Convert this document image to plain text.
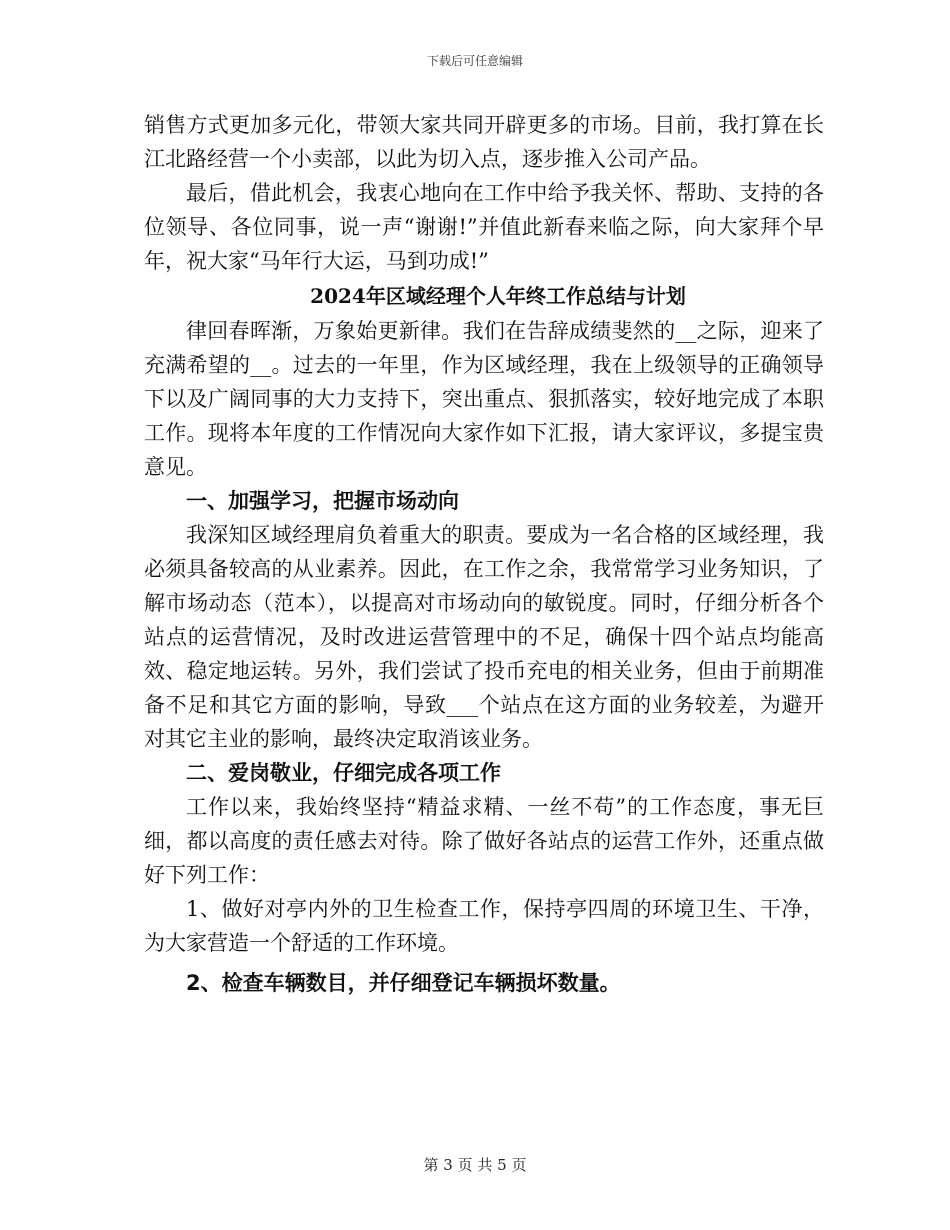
下载后可任意编辑

销售方式更加多元化，带领大家共同开辟更多的市场。目前，我打算在长江北路经营一个小卖部，以此为切入点，逐步推入公司产品。

最后，借此机会，我衷心地向在工作中给予我关怀、帮助、支持的各位领导、各位同事，说一声“谢谢!”并值此新春来临之际，向大家拜个早年，祝大家“马年行大运，马到功成!”

2024年区域经理个人年终工作总结与计划

律回春晖渐，万象始更新律。我们在告辞成绩斐然的__之际，迎来了充满希望的__。过去的一年里，作为区域经理，我在上级领导的正确领导下以及广阔同事的大力支持下，突出重点、狠抓落实，较好地完成了本职工作。现将本年度的工作情况向大家作如下汇报，请大家评议，多提宝贵意见。

一、加强学习，把握市场动向

我深知区域经理肩负着重大的职责。要成为一名合格的区域经理，我必须具备较高的从业素养。因此，在工作之余，我常常学习业务知识，了解市场动态（范本），以提高对市场动向的敏锐度。同时，仔细分析各个站点的运营情况，及时改进运营管理中的不足，确保十四个站点均能高效、稳定地运转。另外，我们尝试了投币充电的相关业务，但由于前期准备不足和其它方面的影响，导致___个站点在这方面的业务较差，为避开对其它主业的影响，最终决定取消该业务。

二、爱岗敬业，仔细完成各项工作

工作以来，我始终坚持“精益求精、一丝不苟”的工作态度，事无巨细，都以高度的责任感去对待。除了做好各站点的运营工作外，还重点做好下列工作：

1、做好对亭内外的卫生检查工作，保持亭四周的环境卫生、干净，为大家营造一个舒适的工作环境。

2、检查车辆数目，并仔细登记车辆损坏数量。
第 3 页 共 5 页
